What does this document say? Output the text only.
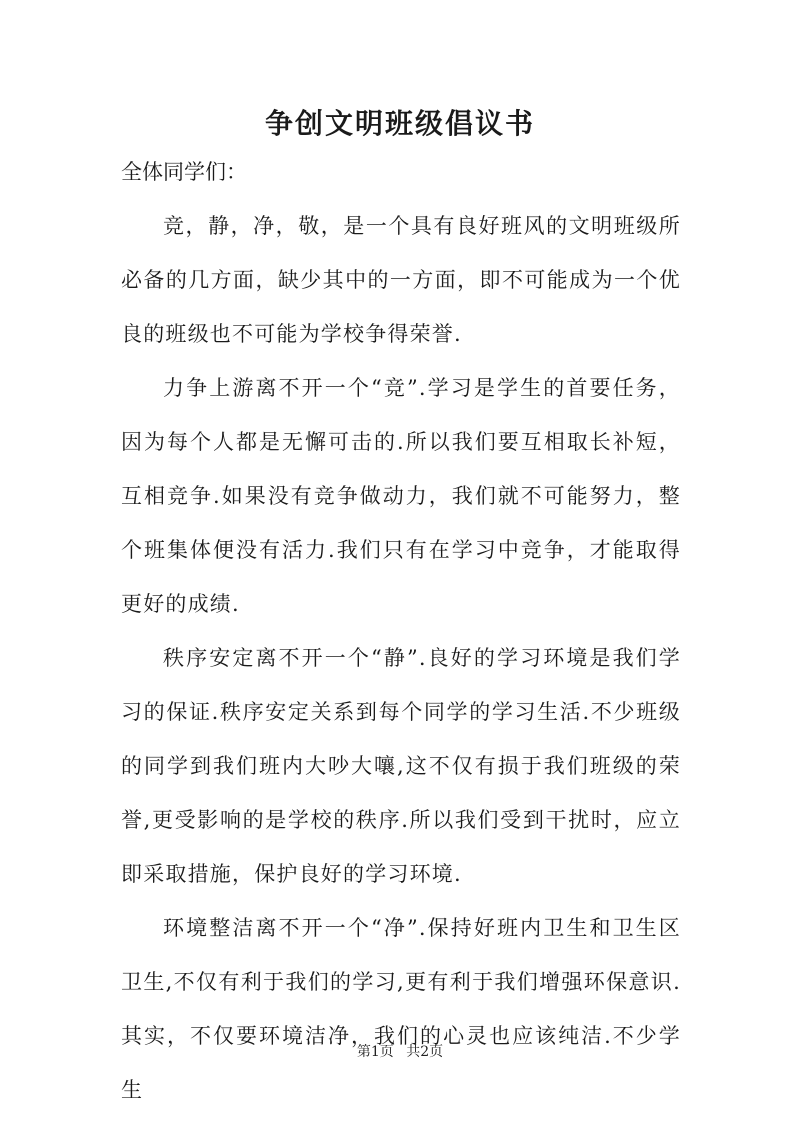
争创文明班级倡议书

全体同学们：

竞，静，净，敬，是一个具有良好班风的文明班级所必备的几方面，缺少其中的一方面，即不可能成为一个优良的班级也不可能为学校争得荣誉.

力争上游离不开一个“竞”.学习是学生的首要任务，因为每个人都是无懈可击的.所以我们要互相取长补短，互相竞争.如果没有竞争做动力，我们就不可能努力，整个班集体便没有活力.我们只有在学习中竞争，才能取得更好的成绩.

秩序安定离不开一个“静”.良好的学习环境是我们学习的保证.秩序安定关系到每个同学的学习生活.不少班级的同学到我们班内大吵大嚷,这不仅有损于我们班级的荣誉,更受影响的是学校的秩序.所以我们受到干扰时，应立即采取措施，保护良好的学习环境.

环境整洁离不开一个“净”.保持好班内卫生和卫生区卫生,不仅有利于我们的学习,更有利于我们增强环保意识.其实，不仅要环境洁净，我们的心灵也应该纯洁.不少学生

第1页 共2页
